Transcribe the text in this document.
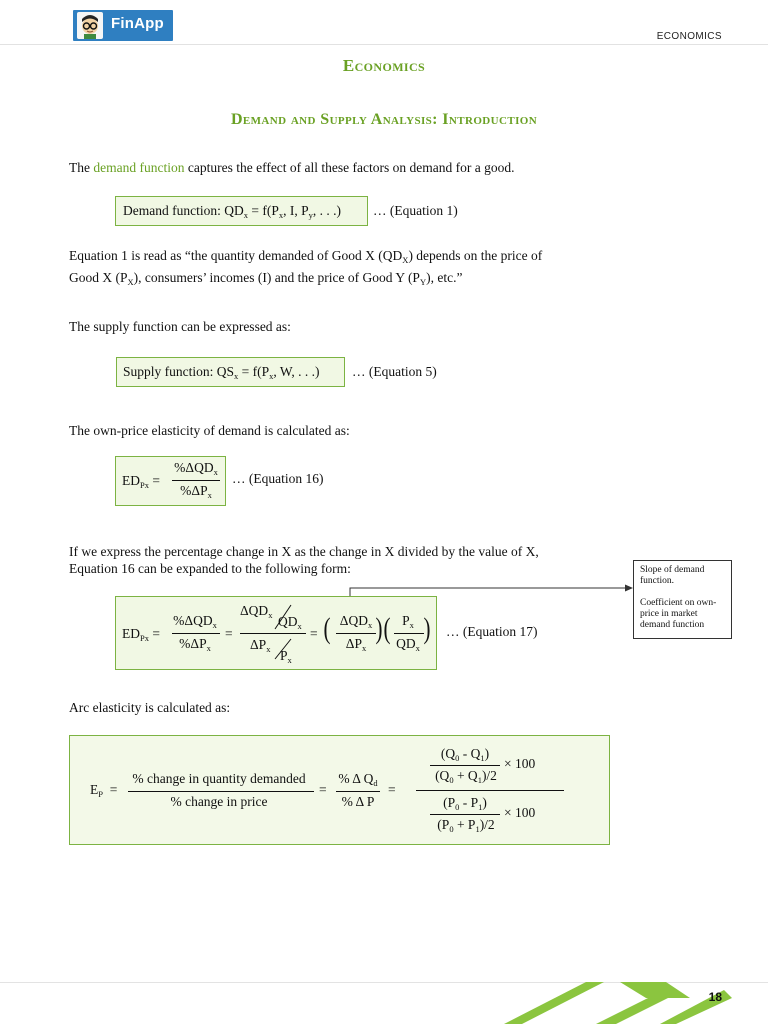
FinApp
ECONOMICS
Economics
Demand and Supply Analysis: Introduction
The demand function captures the effect of all these factors on demand for a good.
Demand function: $QD_x = f(P_x$, I, $P_y$, . . .) … (Equation 1)
Equation 1 is read as “the quantity demanded of Good X $(QD_X)$ depends on the price of
Good X $(P_X)$, consumers’ incomes (I) and the price of Good Y $(P_Y)$, etc.”
The supply function can be expressed as:
Supply function: $QS_x = f(P_x$, W, . . .) … (Equation 5)
The own-price elasticity of demand is calculated as:
$ED_{Px}$ =
$\%\Delta QD_x$
$\%\Delta P_x$
… (Equation 16)
If we express the percentage change in X as the change in X divided by the value of X,
Equation 16 can be expanded to the following form:	Slope of demand function.
Coefficient on own-price in market demand function
$ED_{Px}$ =
$\%\Delta QD_x$
$\%\Delta P_x$
=
$\Delta QD_x$ $QD_x$
$\Delta P_x$ $P_x$
= ( $\Delta QD_x$
$\Delta P_x$
) ( $P_x$
$QD_x$
) … (Equation 17)
Arc elasticity is calculated as:
$E_P$ =
% change in quantity demanded
% change in price
=
% Δ $Q_d$
% Δ P
=
$(Q_0 - Q_1)$
$(Q_0 + Q_1)/2$
× 100
$(P_0 - P_1)$
$(P_0 + P_1)/2$
× 100
18
